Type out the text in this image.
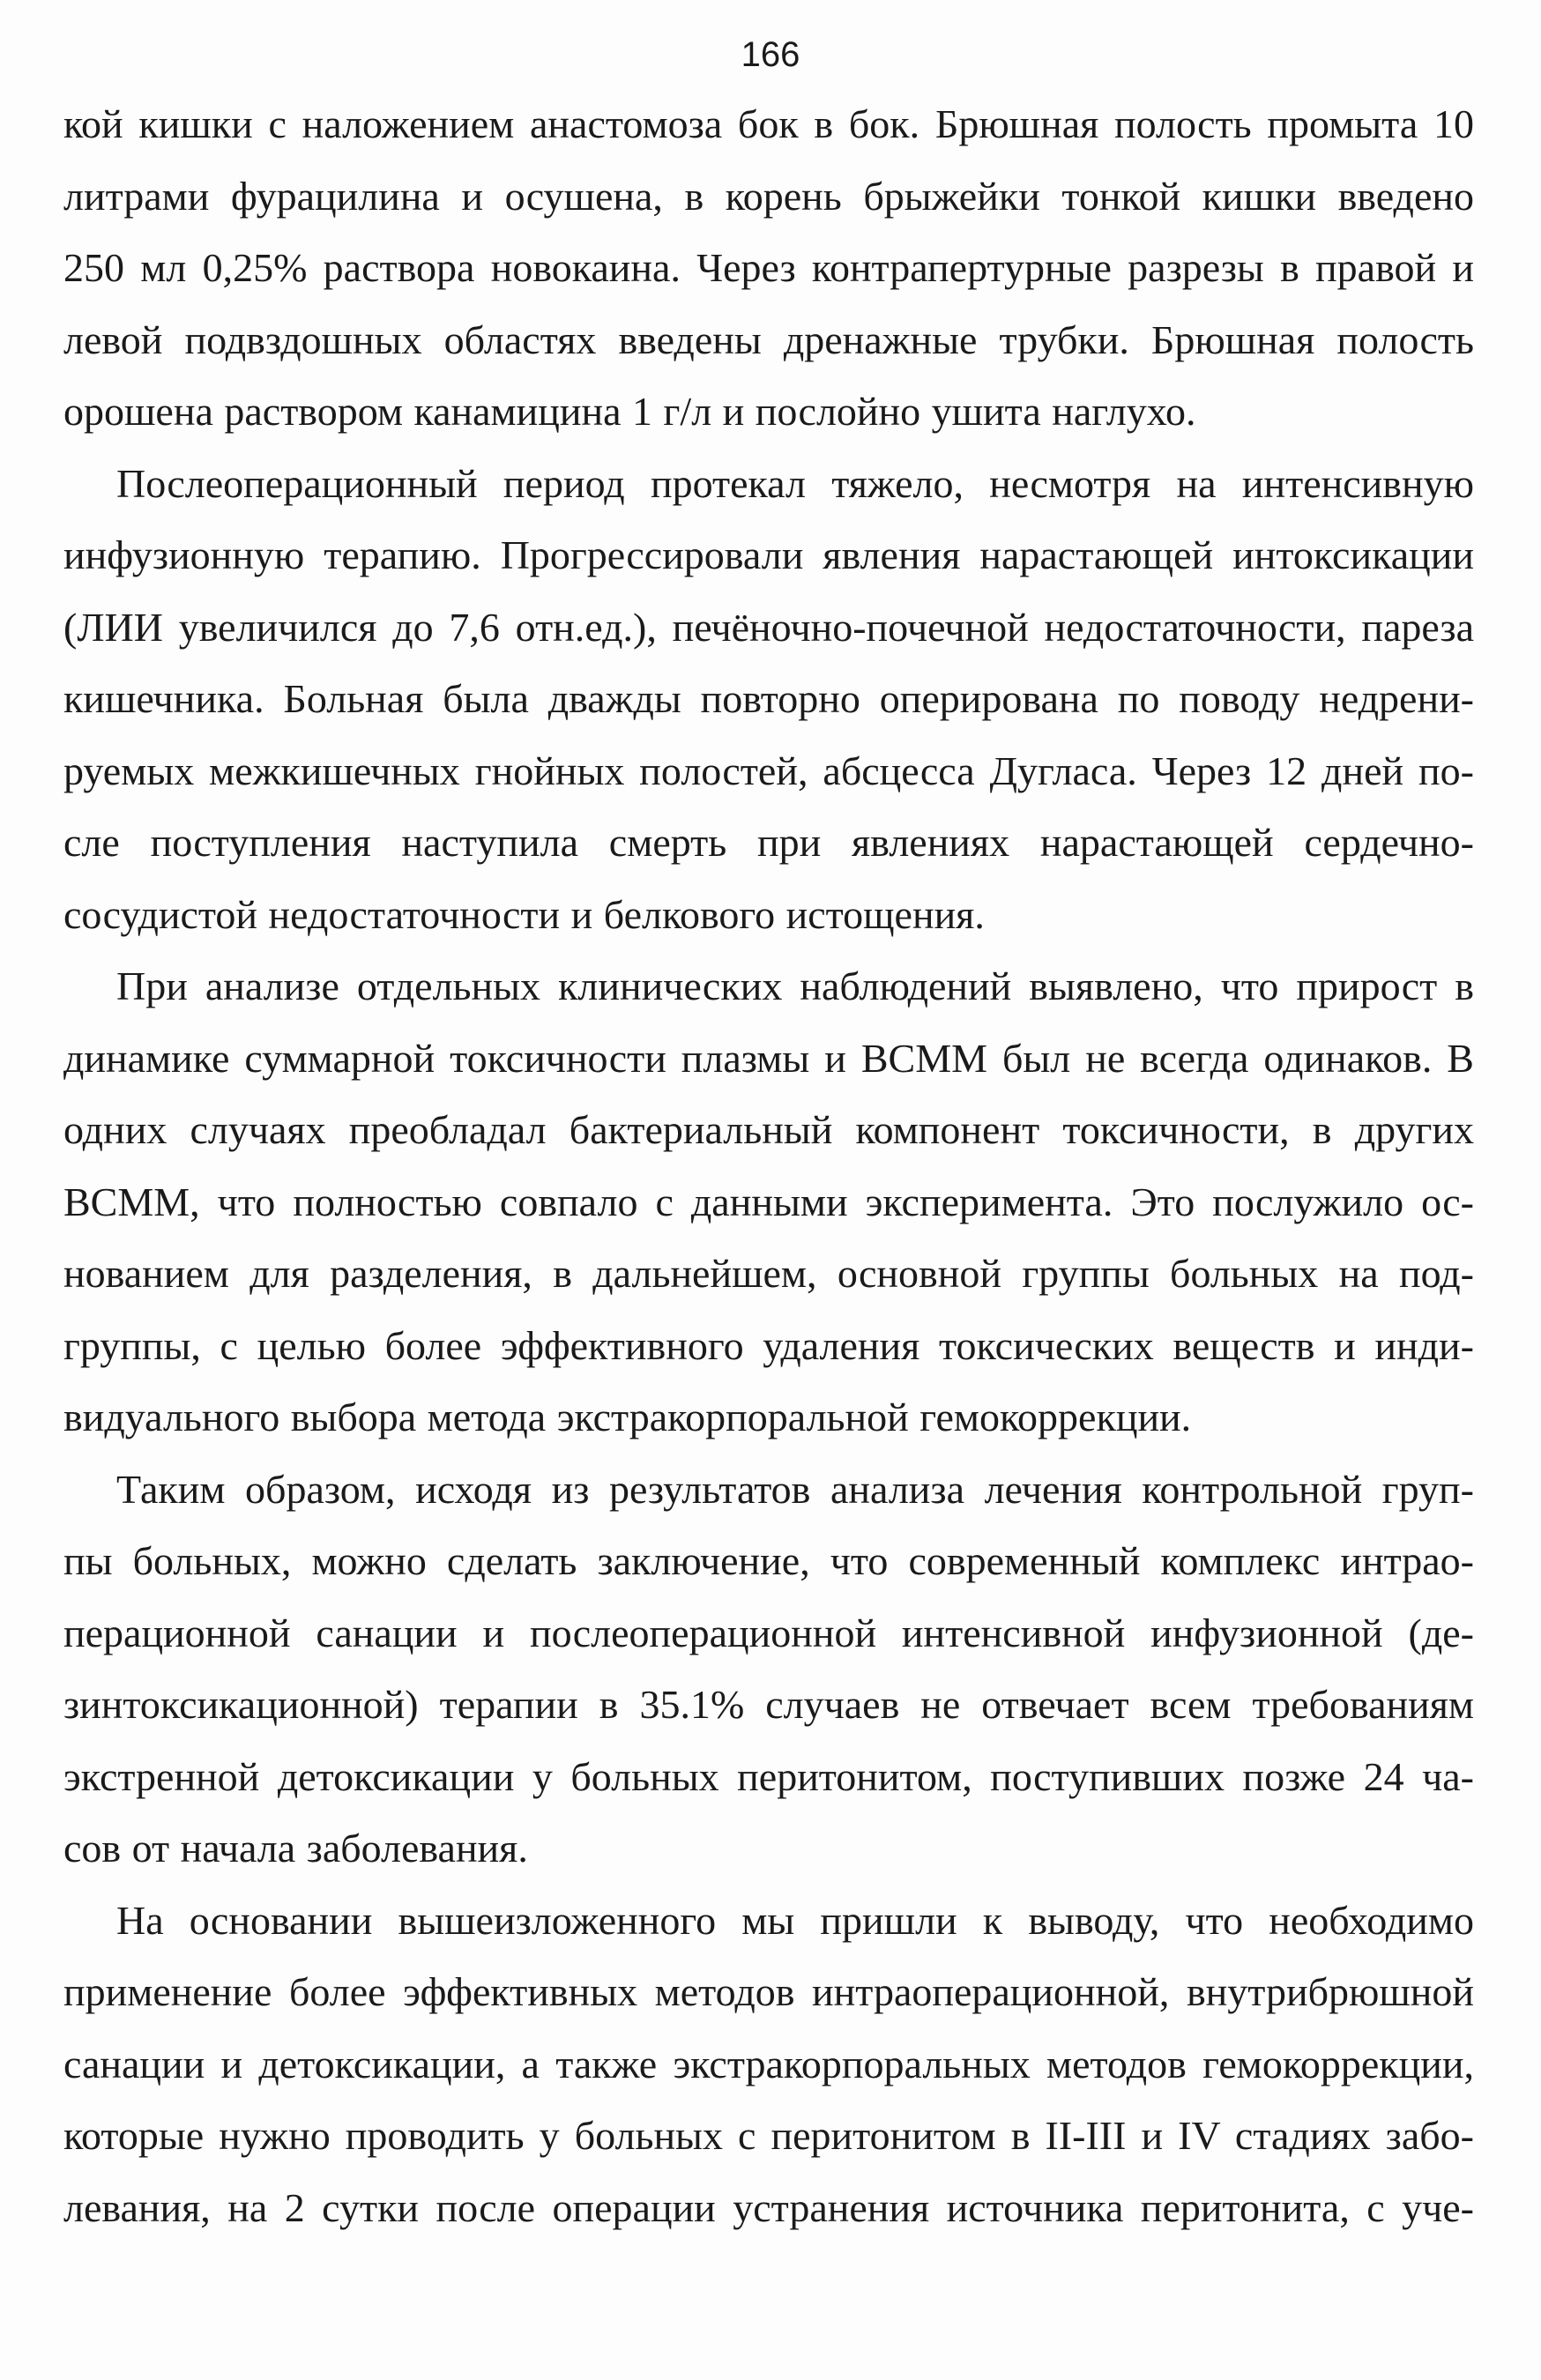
166
кой кишки с наложением анастомоза бок в бок. Брюшная полость промыта 10
литрами фурацилина и осушена, в корень брыжейки тонкой кишки введено
250 мл 0,25% раствора новокаина. Через контрапертурные разрезы в правой и
левой подвздошных областях введены дренажные трубки. Брюшная полость
орошена раствором канамицина 1 г/л и послойно ушита наглухо.
Послеоперационный период протекал тяжело, несмотря на интенсивную
инфузионную терапию. Прогрессировали явления нарастающей интоксикации
(ЛИИ увеличился до 7,6 отн.ед.), печёночно-почечной недостаточности, пареза
кишечника. Больная была дважды повторно оперирована по поводу недрени-
руемых межкишечных гнойных полостей, абсцесса Дугласа. Через 12 дней по-
сле поступления наступила смерть при явлениях нарастающей сердечно-
сосудистой недостаточности и белкового истощения.
При анализе отдельных клинических наблюдений выявлено, что прирост в
динамике суммарной токсичности плазмы и ВСММ был не всегда одинаков. В
одних случаях преобладал бактериальный компонент токсичности, в других
ВСММ, что полностью совпало с данными эксперимента. Это послужило ос-
нованием для разделения, в дальнейшем, основной группы больных на под-
группы, с целью более эффективного удаления токсических веществ и инди-
видуального выбора метода экстракорпоральной гемокоррекции.
Таким образом, исходя из результатов анализа лечения контрольной груп-
пы больных, можно сделать заключение, что современный комплекс интрао-
перационной санации и послеоперационной интенсивной инфузионной (де-
зинтоксикационной) терапии в 35.1% случаев не отвечает всем требованиям
экстренной детоксикации у больных перитонитом, поступивших позже 24 ча-
сов от начала заболевания.
На основании вышеизложенного мы пришли к выводу, что необходимо
применение более эффективных методов интраоперационной, внутрибрюшной
санации и детоксикации, а также экстракорпоральных методов гемокоррекции,
которые нужно проводить у больных с перитонитом в II-III и IV стадиях забо-
левания, на 2 сутки после операции устранения источника перитонита, с уче-
